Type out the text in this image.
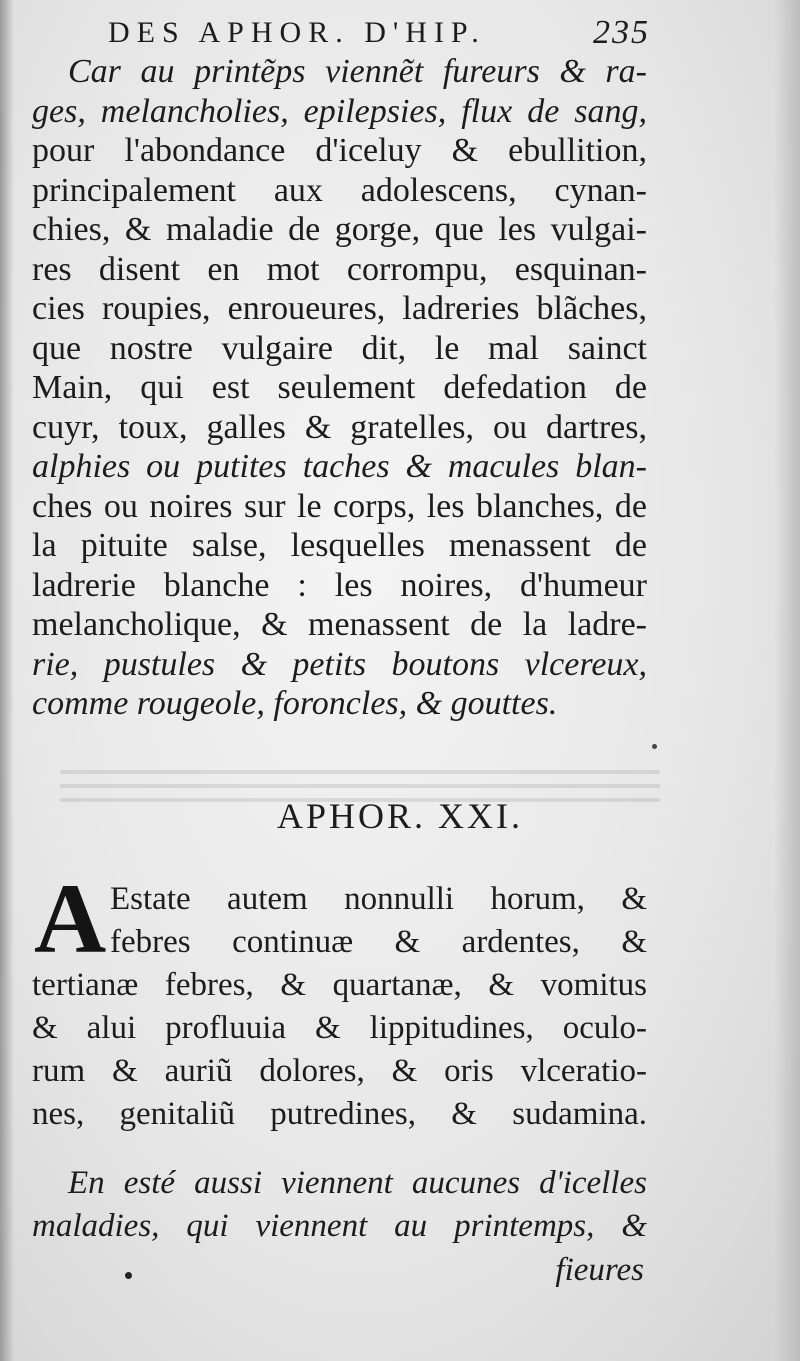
DES APHOR. D'HIP.	235
Car au printẽps viennẽt fureurs & ra-
ges, melancholies, epilepsies, flux de sang,
pour l'abondance d'iceluy & ebullition,
principalement aux adolescens, cynan-
chies, & maladie de gorge, que les vulgai-
res disent en mot corrompu, esquinan-
cies roupies, enroueures, ladreries blãches,
que nostre vulgaire dit, le mal sainct
Main, qui est seulement defedation de
cuyr, toux, galles & gratelles, ou dartres,
alphies ou putites taches & macules blan-
ches ou noires sur le corps, les blanches, de
la pituite salse, lesquelles menassent de
ladrerie blanche : les noires, d'humeur
melancholique, & menassent de la ladre-
rie, pustules & petits boutons vlcereux,
comme rougeole, foroncles, & gouttes.
APHOR. XXI.
A Estate autem nonnulli horum, &
febres continuæ & ardentes, &
tertianæ febres, & quartanæ, & vomitus
& alui profluuia & lippitudines, oculo-
rum & auriũ dolores, & oris vlceratio-
nes, genitaliũ putredines, & sudamina.
En esté aussi viennent aucunes d'icelles
maladies, qui viennent au printemps, &
fieures
